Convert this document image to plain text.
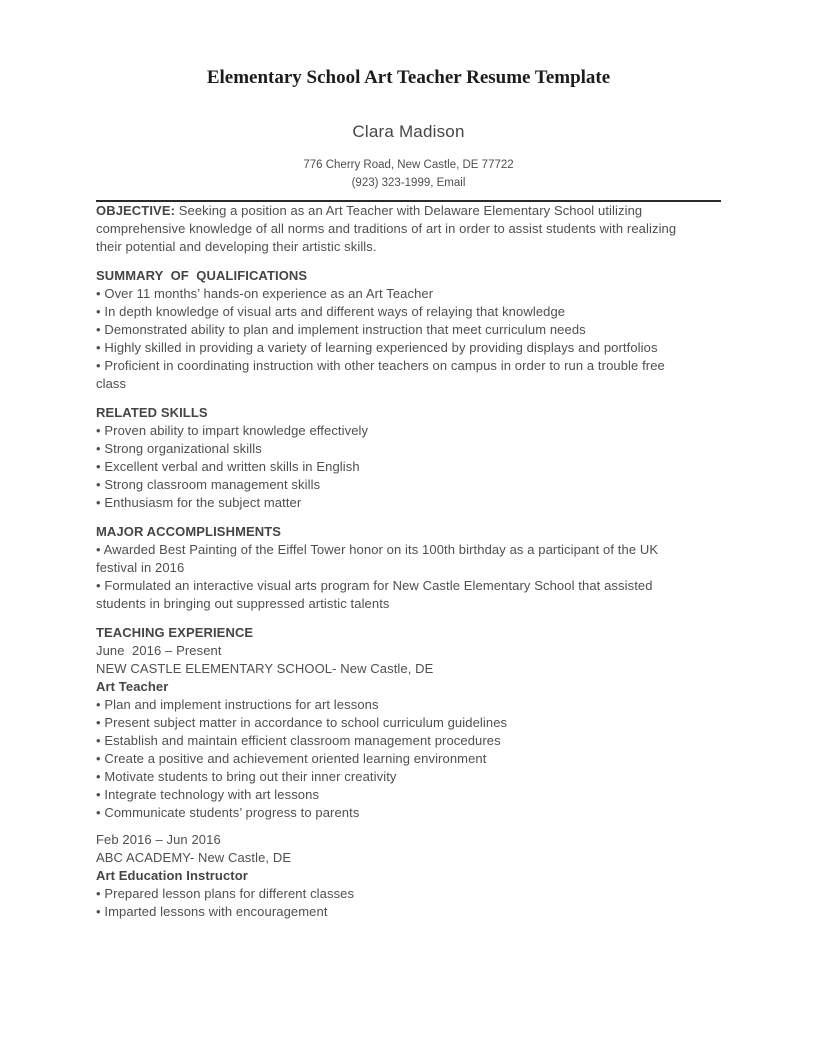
Elementary School Art Teacher Resume Template
Clara Madison

776 Cherry Road, New Castle, DE 77722

(923) 323-1999, Email

OBJECTIVE: Seeking a position as an Art Teacher with Delaware Elementary School utilizing comprehensive knowledge of all norms and traditions of art in order to assist students with realizing their potential and developing their artistic skills.

SUMMARY  OF  QUALIFICATIONS

• Over 11 months’ hands-on experience as an Art Teacher

• In depth knowledge of visual arts and different ways of relaying that knowledge

• Demonstrated ability to plan and implement instruction that meet curriculum needs

• Highly skilled in providing a variety of learning experienced by providing displays and portfolios

• Proficient in coordinating instruction with other teachers on campus in order to run a trouble free class

RELATED SKILLS

• Proven ability to impart knowledge effectively

• Strong organizational skills

• Excellent verbal and written skills in English

• Strong classroom management skills

• Enthusiasm for the subject matter

MAJOR ACCOMPLISHMENTS

• Awarded Best Painting of the Eiffel Tower honor on its 100th birthday as a participant of the UK festival in 2016

• Formulated an interactive visual arts program for New Castle Elementary School that assisted students in bringing out suppressed artistic talents

TEACHING EXPERIENCE

June  2016 – Present

NEW CASTLE ELEMENTARY SCHOOL- New Castle, DE

Art Teacher

• Plan and implement instructions for art lessons

• Present subject matter in accordance to school curriculum guidelines

• Establish and maintain efficient classroom management procedures

• Create a positive and achievement oriented learning environment

• Motivate students to bring out their inner creativity

• Integrate technology with art lessons

• Communicate students’ progress to parents

Feb 2016 – Jun 2016

ABC ACADEMY- New Castle, DE

Art Education Instructor

• Prepared lesson plans for different classes

• Imparted lessons with encouragement
